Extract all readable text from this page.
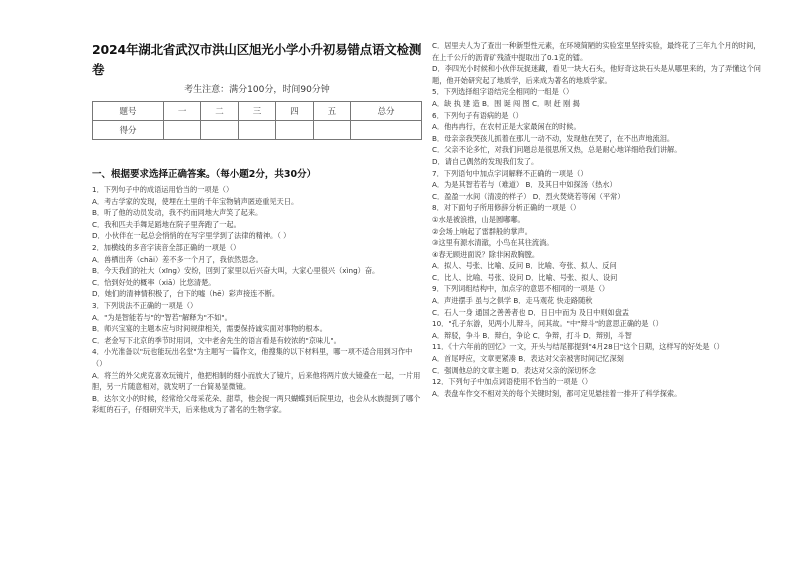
2024年湖北省武汉市洪山区旭光小学小升初易错点语文检测卷
考生注意：满分100分，时间90分钟
题号	一	二	三	四	五	总分
得分						
一、根据要求选择正确答案。（每小题2分，共30分）
1．下列句子中的成语运用恰当的一项是（）
A．考古学家的发现，使埋在土里的千年宝物销声匿迹重见天日。
B．听了他的动员发动，我不约而同地大声笑了起来。
C．我和匹夫手舞足蹈地在院子里奔跑了一起。
D．小伙伴在一起总会悄悄的在写字里学到了法律的精神。（ ）
2．加横线的多音字读音全部正确的一项是（）
A．兽栖出奔（chāi）差不多一个月了，我依然思念。
B．今天我们的社大（xīng）安纷，回到了家里以后兴奋大叫，大家心里很兴（xìng）奋。
C．恰到好处的概率（xiā）比您清楚。
D．她们的清神情积极了，台下的嘘（hē）彩声接连不断。
3．下列说法不正确的一项是（）
A．"为是智能若与"的"智若"解释为"不如"。
B．师兴宝宴的主题本应与时间规律相关，需要保持诚实面对事物的根本。
C．老金写下北京的季节时用词，文中老舍先生的语言看是有较浓的"京味儿"。
4．小光准备以"玩也能玩出名堂"为主题写一篇作文，他搜集的以下材料里，哪一项不适合用到习作中（）
A．将兰的外父虎克喜欢玩镜片，他把相制的细小而放大了镜片，后来他将两片放大镜叠在一起，一片用胆，另一片随意相对，就发明了一台简易显微镜。
B．达尔文小的时候，经常给父母采花朵、甜草，他会捉一两只蝴蝶到后院里边，也会从水族提到了哪个彩虹的石子，仔细研究半天，后来他成为了著名的生物学家。
C．居里夫人为了查出一种新型性元素，在环境简陋的实验室里坚持实验，最终花了三年九个月的时间，在上千公斤的沥青矿残渣中提取出了0.1克的镭。
D．李四光小时候和小伙伴玩捉迷藏，看见一块大石头，他好奇这块石头是从哪里来的，为了弄懂这个问题，他开始研究起了地质学，后来成为著名的地质学家。
5．下列选择组字语结完全相同的一组是（）
A．缺 执 建 造 B．围 诞 闯 图 C．呗 赶 刚 揭
6．下列句子有语病的是（）
A．他冉冉行，在农村正是大家最闲在的时候。
B．母亲亲我哭孩儿抓着在那儿一动不动，发现他在哭了，在不出声地流泪。
C．父亲不论多忙，对我们问题总是很思所又热，总是耐心地详细给我们讲解。
D．请自己偶然的发现我们发了。
7．下列语句中加点字词解释不正确的一项是（）
A．为是其智若若与（难道） B．及其日中如探汤（热水）
C．盈盈一水间（清凌的样子） D．烈火焚烧若等闲（平常）
8．对下面句子所用修辞分析正确的一项是（）
①水是被浪推，山是圆嘟嘟。
②会场上响起了雷群般的掌声。
③这里有源水清澈，小鸟在其往流淌。
④春无顾进面说？除非闲敌胸膛。
A．拟人、号张、比喻、反问 B．比喻、夸张、拟人、反问
C．比人、比喻、号张、设问 D．比喻、号张、拟人、设问
9．下列词组结构中，加点字的意思不相同的一项是（）
A．声进摆手 虽与之俱学 B．走马观花 快走路随秋
C．石人一身 通国之善善者也 D．日日中而为 及日中则如盘盂
10．"孔子东游，见两小儿辩斗，问其故。"中"辩斗"的意思正确的是（）
A．辩驳，争斗 B．辩白，争论 C．争辩，打斗 D．辩别，斗智
11．《十六年前的回忆》一文，开头与结尾都提到"4月28日"这个日期，这样写的好处是（）
A．首尾呼应，文章更紧凑 B．表达对父亲被害时间记忆深刻
C．强调他总的文章主题 D．表达对父亲的深切怀念
12．下列句子中加点词语使用不恰当的一项是（）
A．表盘车作交不相对关的每个关键时刻，都可定见悬挂着一排开了科学探索。
